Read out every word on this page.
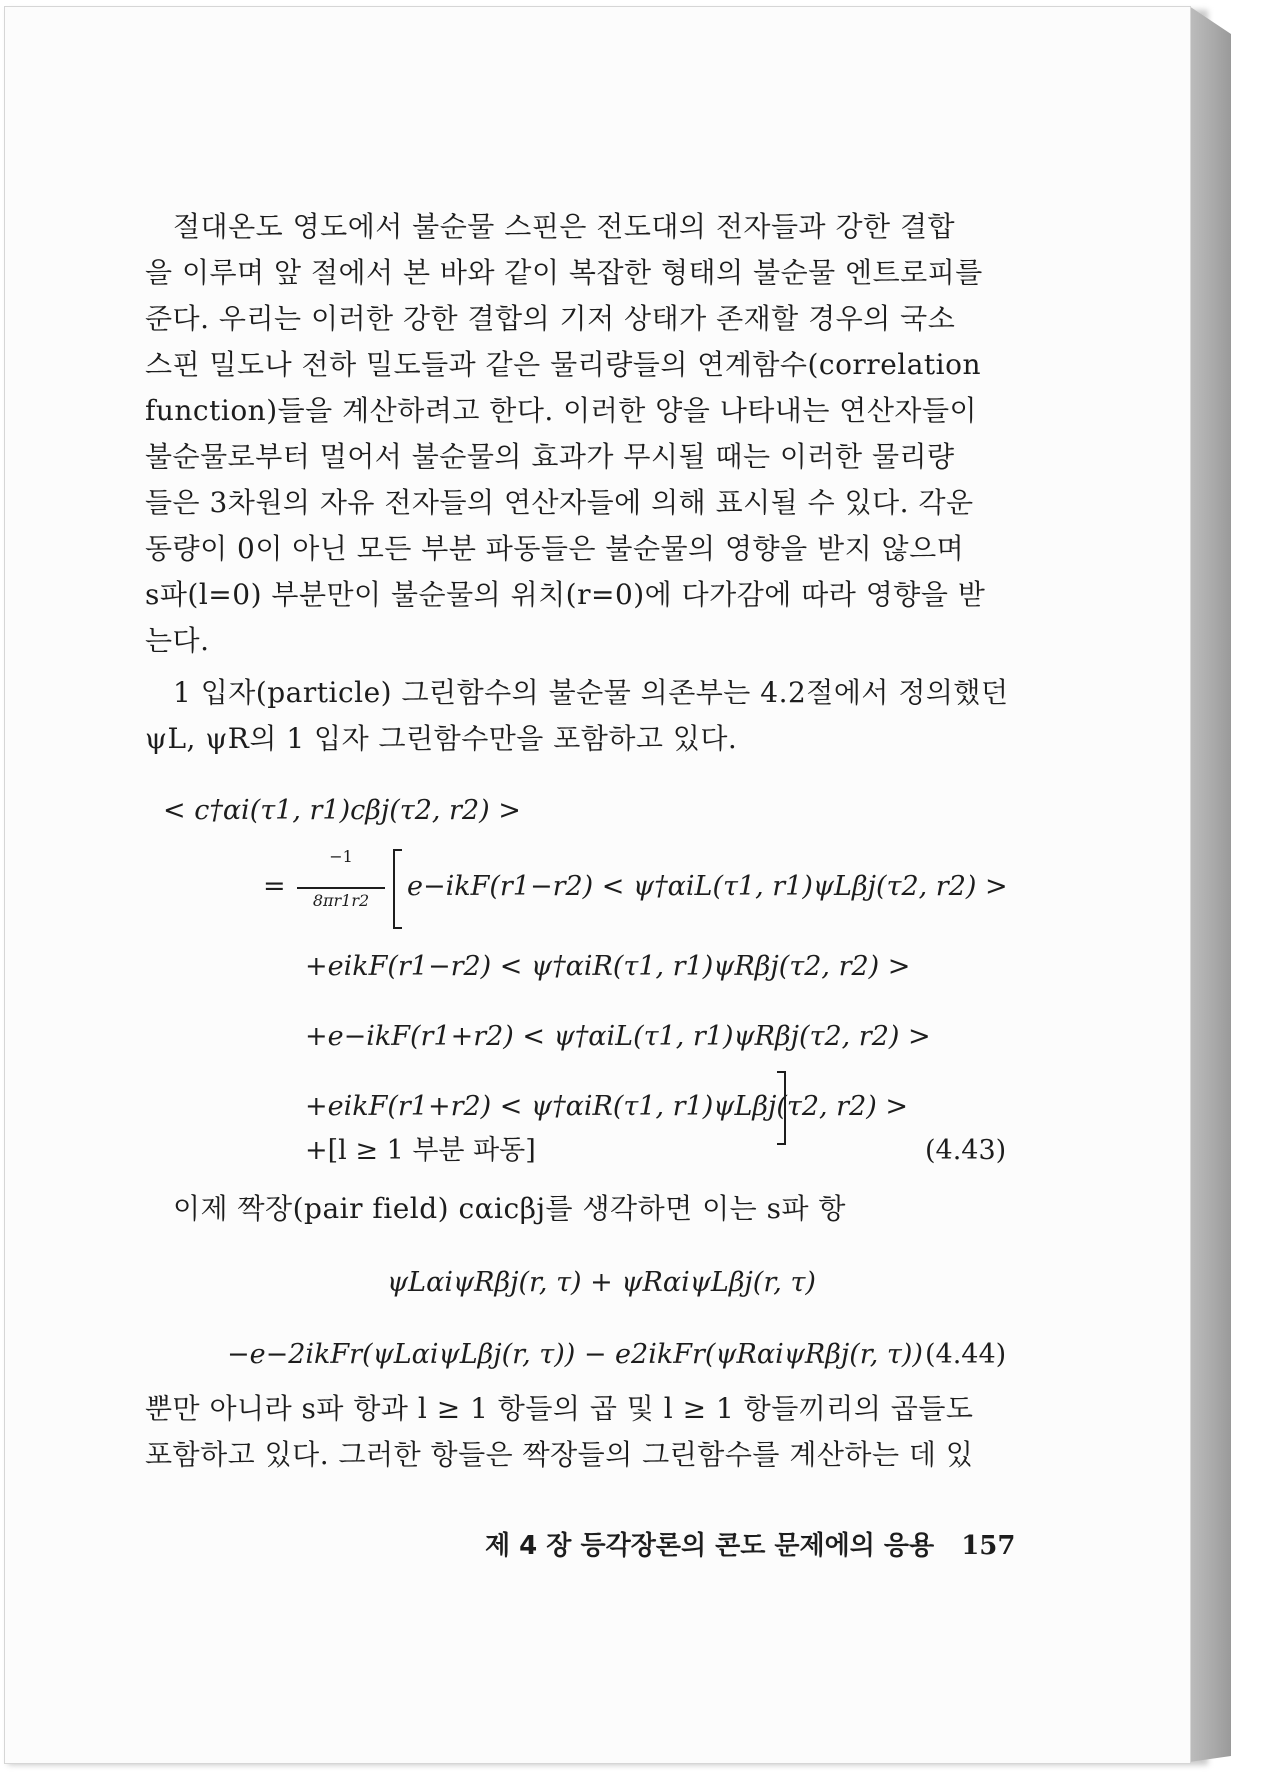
절대온도 영도에서 불순물 스핀은 전도대의 전자들과 강한 결합
을 이루며 앞 절에서 본 바와 같이 복잡한 형태의 불순물 엔트로피를
준다. 우리는 이러한 강한 결합의 기저 상태가 존재할 경우의 국소
스핀 밀도나 전하 밀도들과 같은 물리량들의 연계함수(correlation
function)들을 계산하려고 한다. 이러한 양을 나타내는 연산자들이
불순물로부터 멀어서 불순물의 효과가 무시될 때는 이러한 물리량
들은 3차원의 자유 전자들의 연산자들에 의해 표시될 수 있다. 각운
동량이 0이 아닌 모든 부분 파동들은 불순물의 영향을 받지 않으며
s파(l=0) 부분만이 불순물의 위치(r=0)에 다가감에 따라 영향을 받
는다.
1 입자(particle) 그린함수의 불순물 의존부는 4.2절에서 정의했던
ψL, ψR의 1 입자 그린함수만을 포함하고 있다.
< c†αi(τ1, r1)cβj(τ2, r2) >
=
−1
8πr1r2	e−ikF(r1−r2) < ψ†αiL(τ1, r1)ψLβj(τ2, r2) >
+eikF(r1−r2) < ψ†αiR(τ1, r1)ψRβj(τ2, r2) >
+e−ikF(r1+r2) < ψ†αiL(τ1, r1)ψRβj(τ2, r2) >
+eikF(r1+r2) < ψ†αiR(τ1, r1)ψLβj(τ2, r2) >
+[l ≥ 1 부분 파동]	(4.43)
이제 짝장(pair field) cαicβj를 생각하면 이는 s파 항
ψLαiψRβj(r, τ) + ψRαiψLβj(r, τ)
−e−2ikFr(ψLαiψLβj(r, τ)) − e2ikFr(ψRαiψRβj(r, τ)) (4.44)
뿐만 아니라 s파 항과 l ≥ 1 항들의 곱 및 l ≥ 1 항들끼리의 곱들도
포함하고 있다. 그러한 항들은 짝장들의 그린함수를 계산하는 데 있
제 4 장 등각장론의 콘도 문제에의 응용 157
